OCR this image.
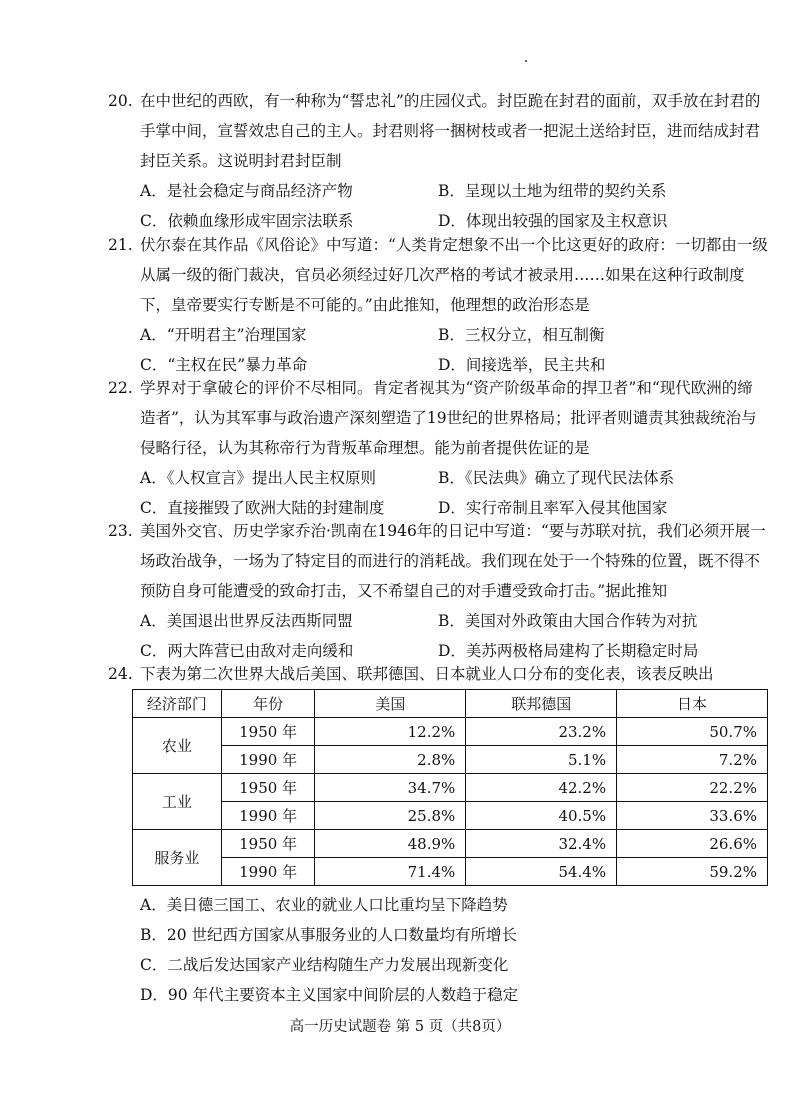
20. 在中世纪的西欧，有一种称为“誓忠礼”的庄园仪式。封臣跪在封君的面前，双手放在封君的手掌中间，宣誓效忠自己的主人。封君则将一捆树枝或者一把泥土送给封臣，进而结成封君封臣关系。这说明封君封臣制
A．是社会稳定与商品经济产物	B．呈现以土地为纽带的契约关系
C．依赖血缘形成牢固宗法联系	D．体现出较强的国家及主权意识
21. 伏尔泰在其作品《风俗论》中写道：“人类肯定想象不出一个比这更好的政府：一切都由一级从属一级的衙门裁决，官员必须经过好几次严格的考试才被录用……如果在这种行政制度下，皇帝要实行专断是不可能的。”由此推知，他理想的政治形态是
A．“开明君主”治理国家	B．三权分立，相互制衡
C．“主权在民”暴力革命	D．间接选举，民主共和
22. 学界对于拿破仑的评价不尽相同。肯定者视其为“资产阶级革命的捍卫者”和“现代欧洲的缔造者”，认为其军事与政治遗产深刻塑造了19世纪的世界格局；批评者则谴责其独裁统治与侵略行径，认为其称帝行为背叛革命理想。能为前者提供佐证的是
A．《人权宣言》提出人民主权原则	B．《民法典》确立了现代民法体系
C．直接摧毁了欧洲大陆的封建制度	D．实行帝制且率军入侵其他国家
23. 美国外交官、历史学家乔治·凯南在1946年的日记中写道：“要与苏联对抗，我们必须开展一场政治战争，一场为了特定目的而进行的消耗战。我们现在处于一个特殊的位置，既不得不预防自身可能遭受的致命打击，又不希望自己的对手遭受致命打击。”据此推知
A．美国退出世界反法西斯同盟	B．美国对外政策由大国合作转为对抗
C．两大阵营已由敌对走向缓和	D．美苏两极格局建构了长期稳定时局
24. 下表为第二次世界大战后美国、联邦德国、日本就业人口分布的变化表，该表反映出
经济部门	年份	美国	联邦德国	日本
农业	1950 年	12.2%	23.2%	50.7%
	1990 年	2.8%	5.1%	7.2%
工业	1950 年	34.7%	42.2%	22.2%
	1990 年	25.8%	40.5%	33.6%
服务业	1950 年	48.9%	32.4%	26.6%
	1990 年	71.4%	54.4%	59.2%
A．美日德三国工、农业的就业人口比重均呈下降趋势
B．20 世纪西方国家从事服务业的人口数量均有所增长
C．二战后发达国家产业结构随生产力发展出现新变化
D．90 年代主要资本主义国家中间阶层的人数趋于稳定
高一历史试题卷 第 5 页（共8页）
